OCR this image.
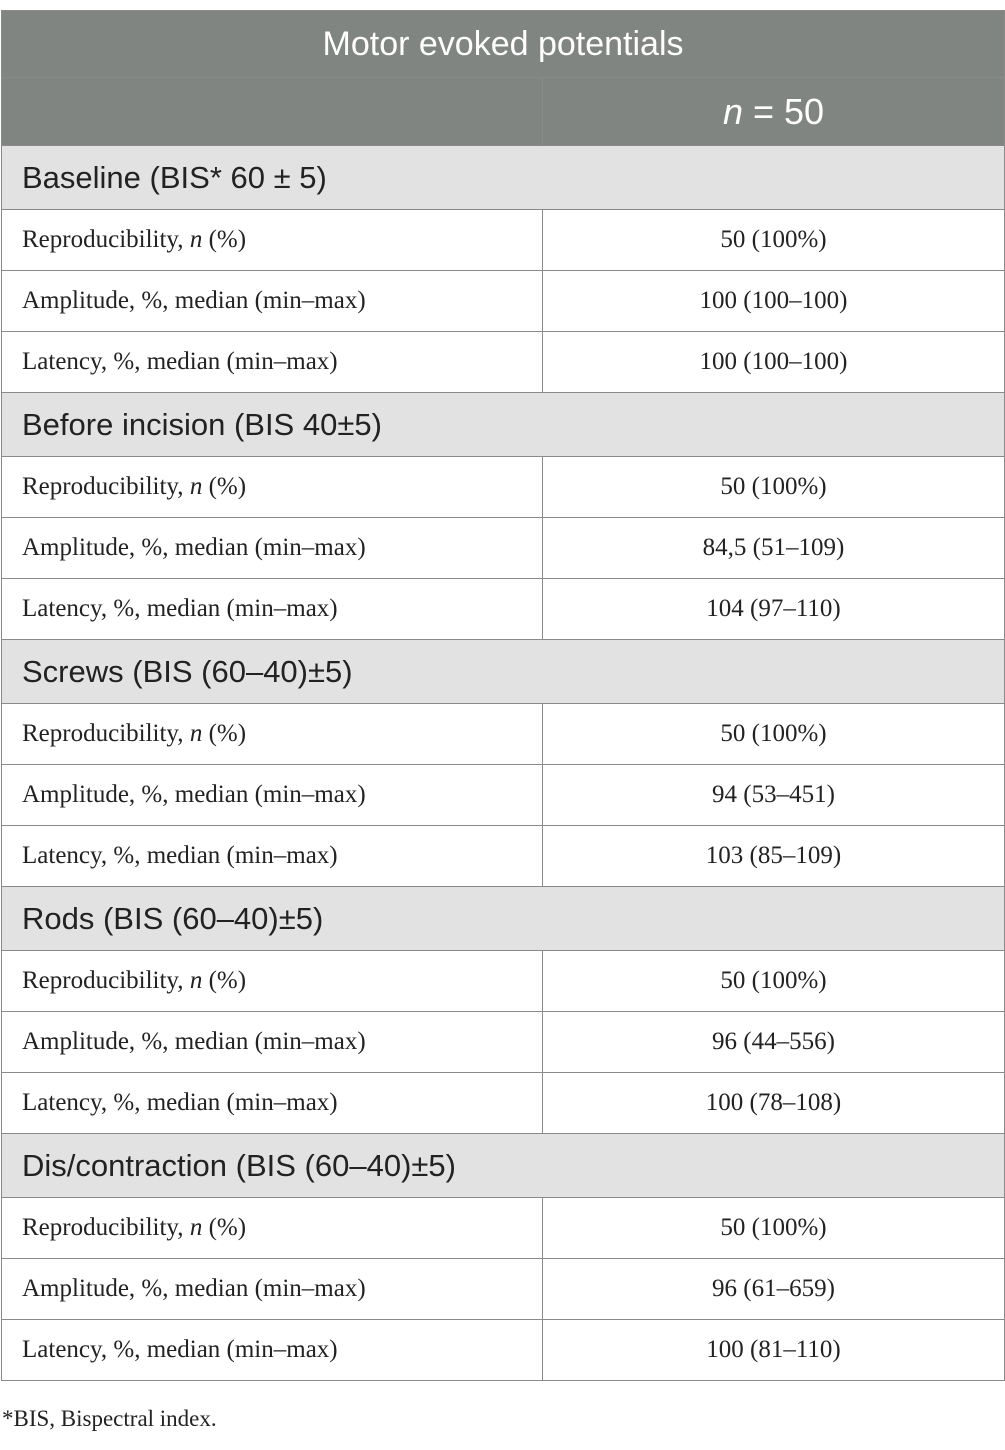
Motor evoked potentials	
	n = 50
Baseline (BIS* 60 ± 5)	
Reproducibility, n (%)	50 (100%)
Amplitude, %, median (min–max)	100 (100–100)
Latency, %, median (min–max)	100 (100–100)
Before incision (BIS 40±5)	
Reproducibility, n (%)	50 (100%)
Amplitude, %, median (min–max)	84,5 (51–109)
Latency, %, median (min–max)	104 (97–110)
Screws (BIS (60–40)±5)	
Reproducibility, n (%)	50 (100%)
Amplitude, %, median (min–max)	94 (53–451)
Latency, %, median (min–max)	103 (85–109)
Rods (BIS (60–40)±5)	
Reproducibility, n (%)	50 (100%)
Amplitude, %, median (min–max)	96 (44–556)
Latency, %, median (min–max)	100 (78–108)
Dis/contraction (BIS (60–40)±5)	
Reproducibility, n (%)	50 (100%)
Amplitude, %, median (min–max)	96 (61–659)
Latency, %, median (min–max)	100 (81–110)
*BIS, Bispectral index.
